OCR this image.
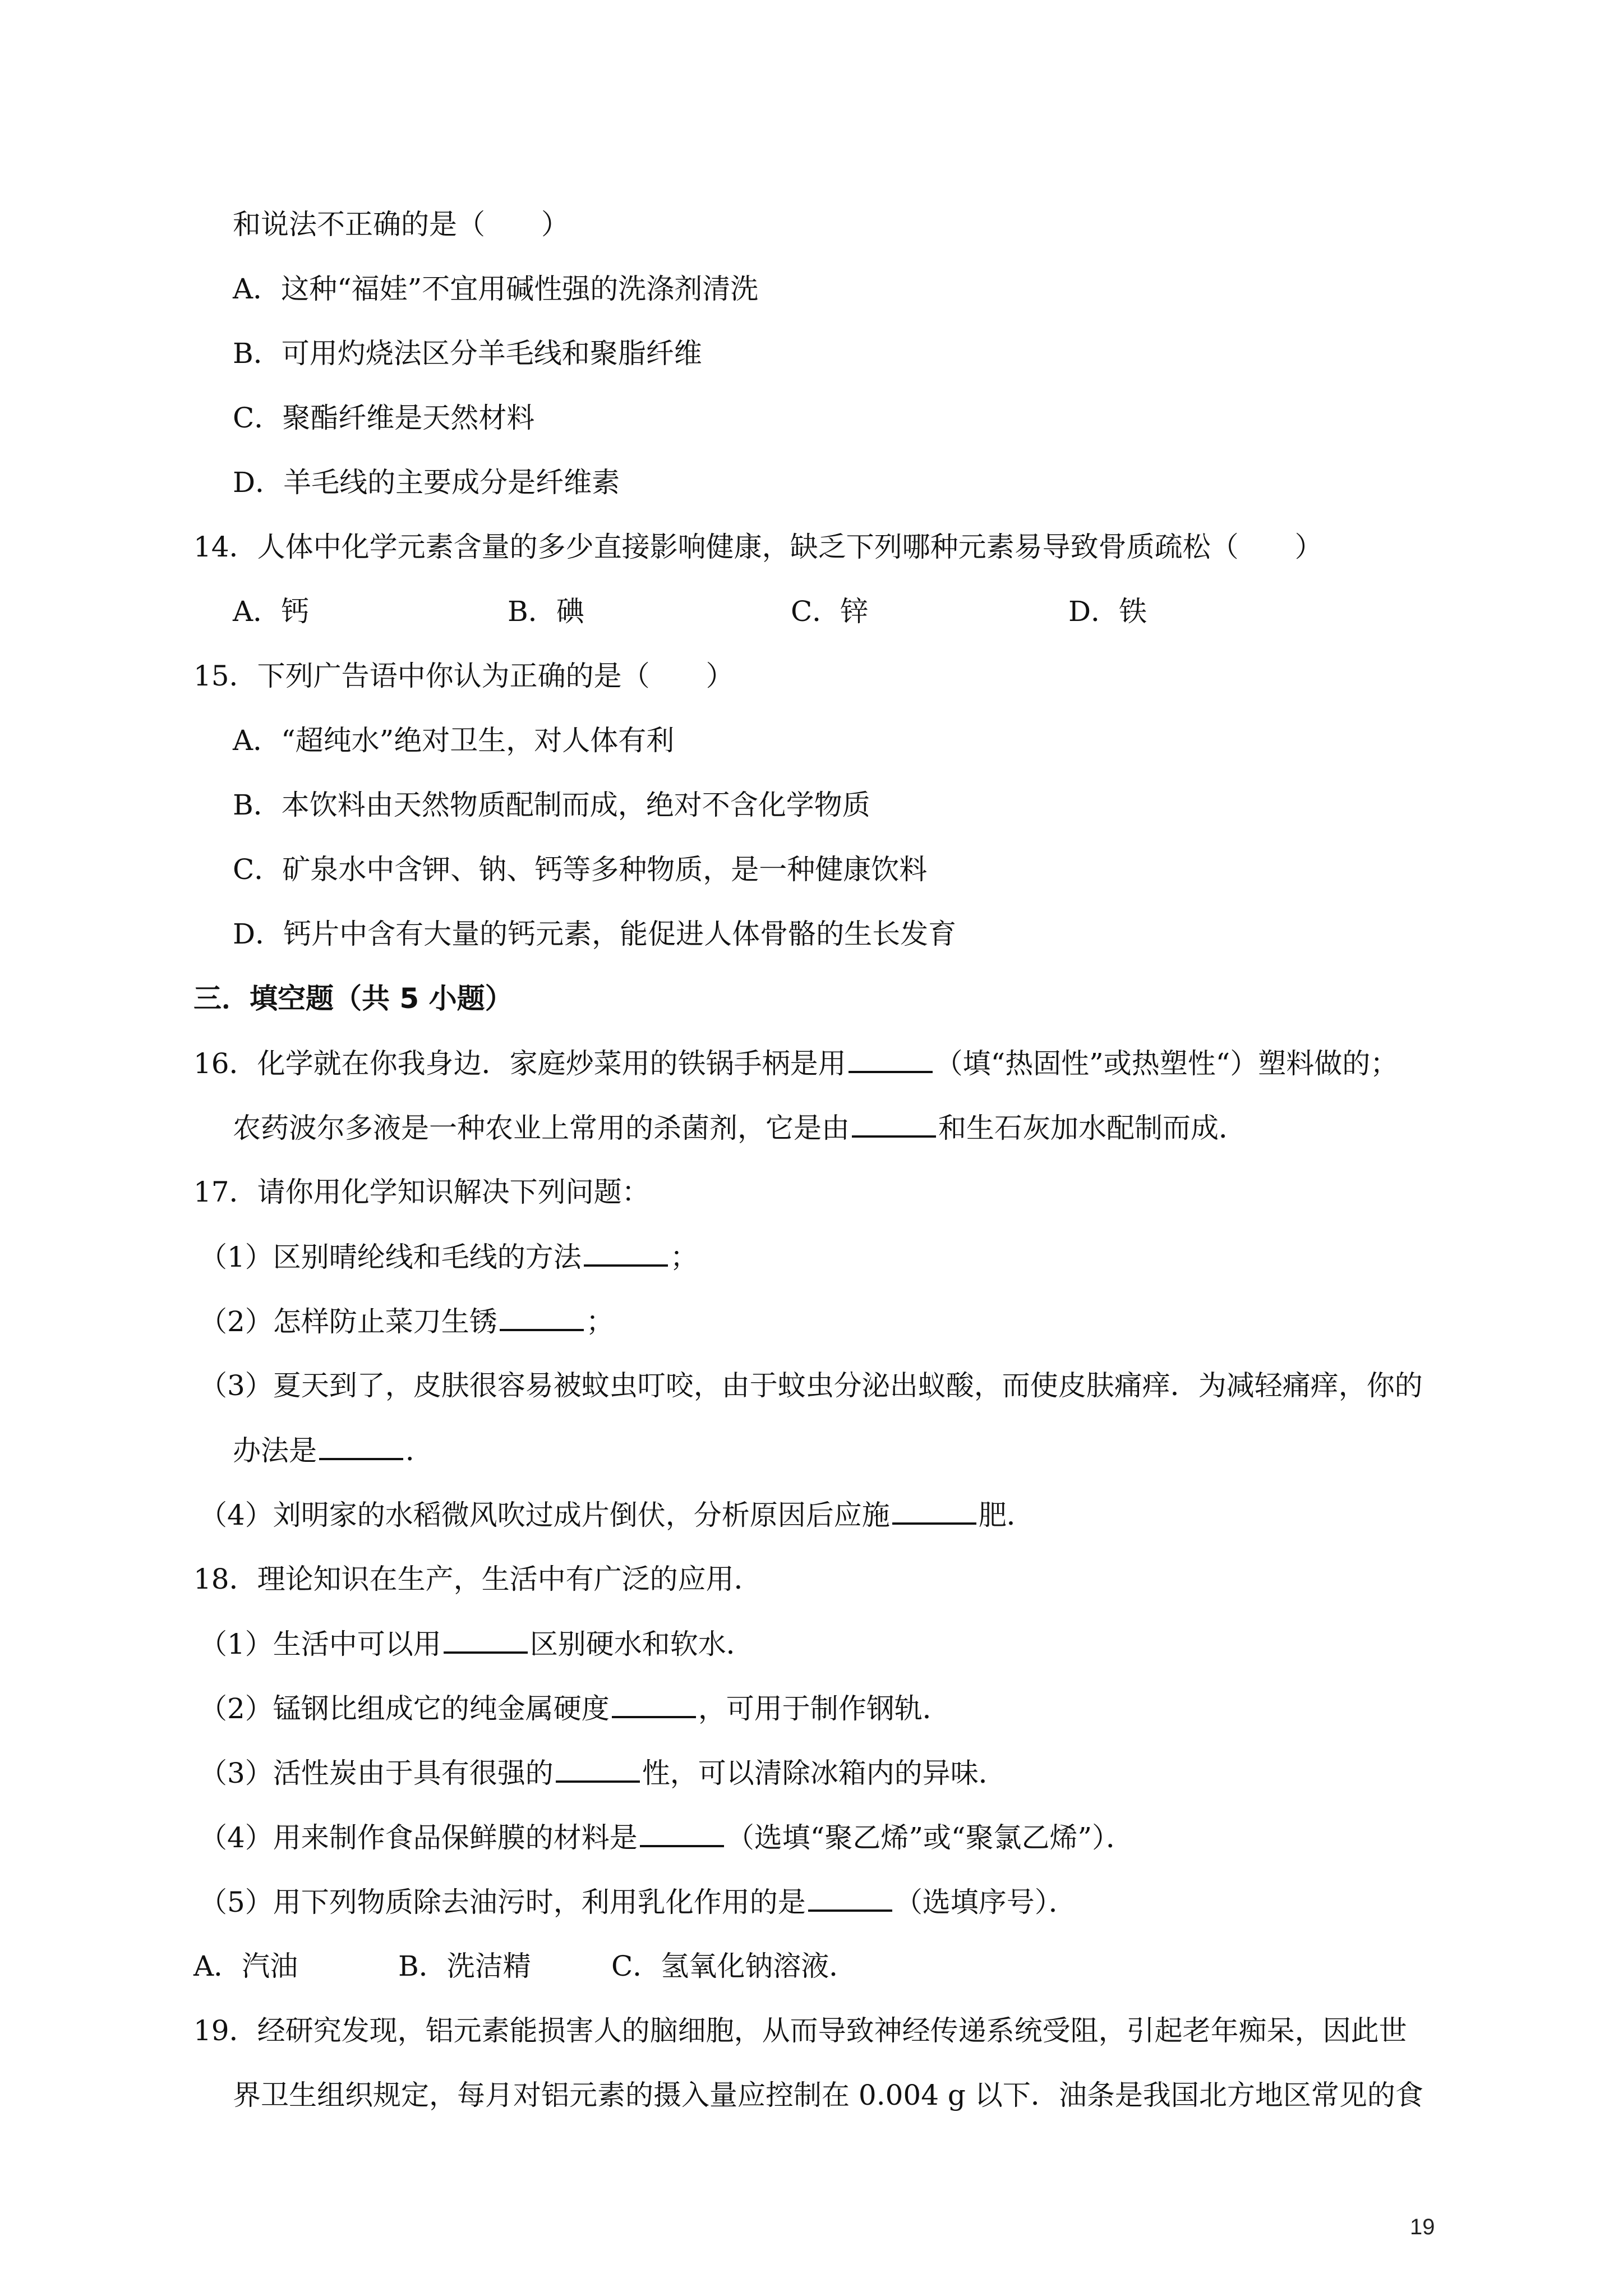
和说法不正确的是（　　）
A．这种“福娃”不宜用碱性强的洗涤剂清洗
B．可用灼烧法区分羊毛线和聚脂纤维
C．聚酯纤维是天然材料
D．羊毛线的主要成分是纤维素
14．人体中化学元素含量的多少直接影响健康，缺乏下列哪种元素易导致骨质疏松（　　）
A．钙	B．碘	C．锌	D．铁
15．下列广告语中你认为正确的是（　　）
A．“超纯水”绝对卫生，对人体有利
B．本饮料由天然物质配制而成，绝对不含化学物质
C．矿泉水中含钾、钠、钙等多种物质，是一种健康饮料
D．钙片中含有大量的钙元素，能促进人体骨骼的生长发育
三．填空题（共 5 小题）
16．化学就在你我身边．家庭炒菜用的铁锅手柄是用	（填“热固性”或热塑性“）塑料做的；
农药波尔多液是一种农业上常用的杀菌剂，它是由	和生石灰加水配制而成．
17．请你用化学知识解决下列问题：
（1）区别晴纶线和毛线的方法	；
（2）怎样防止菜刀生锈	；
（3）夏天到了，皮肤很容易被蚊虫叮咬，由于蚊虫分泌出蚁酸，而使皮肤痛痒．为减轻痛痒，你的
办法是	．
（4）刘明家的水稻微风吹过成片倒伏，分析原因后应施	肥．
18．理论知识在生产，生活中有广泛的应用．
（1）生活中可以用	区别硬水和软水．
（2）锰钢比组成它的纯金属硬度	，可用于制作钢轨．
（3）活性炭由于具有很强的	性，可以清除冰箱内的异味．
（4）用来制作食品保鲜膜的材料是	（选填“聚乙烯”或“聚氯乙烯”）．
（5）用下列物质除去油污时，利用乳化作用的是	（选填序号）．
A．汽油	B．洗洁精	C．氢氧化钠溶液．
19．经研究发现，铝元素能损害人的脑细胞，从而导致神经传递系统受阻，引起老年痴呆，因此世
界卫生组织规定，每月对铝元素的摄入量应控制在 0.004 g 以下．油条是我国北方地区常见的食
19
